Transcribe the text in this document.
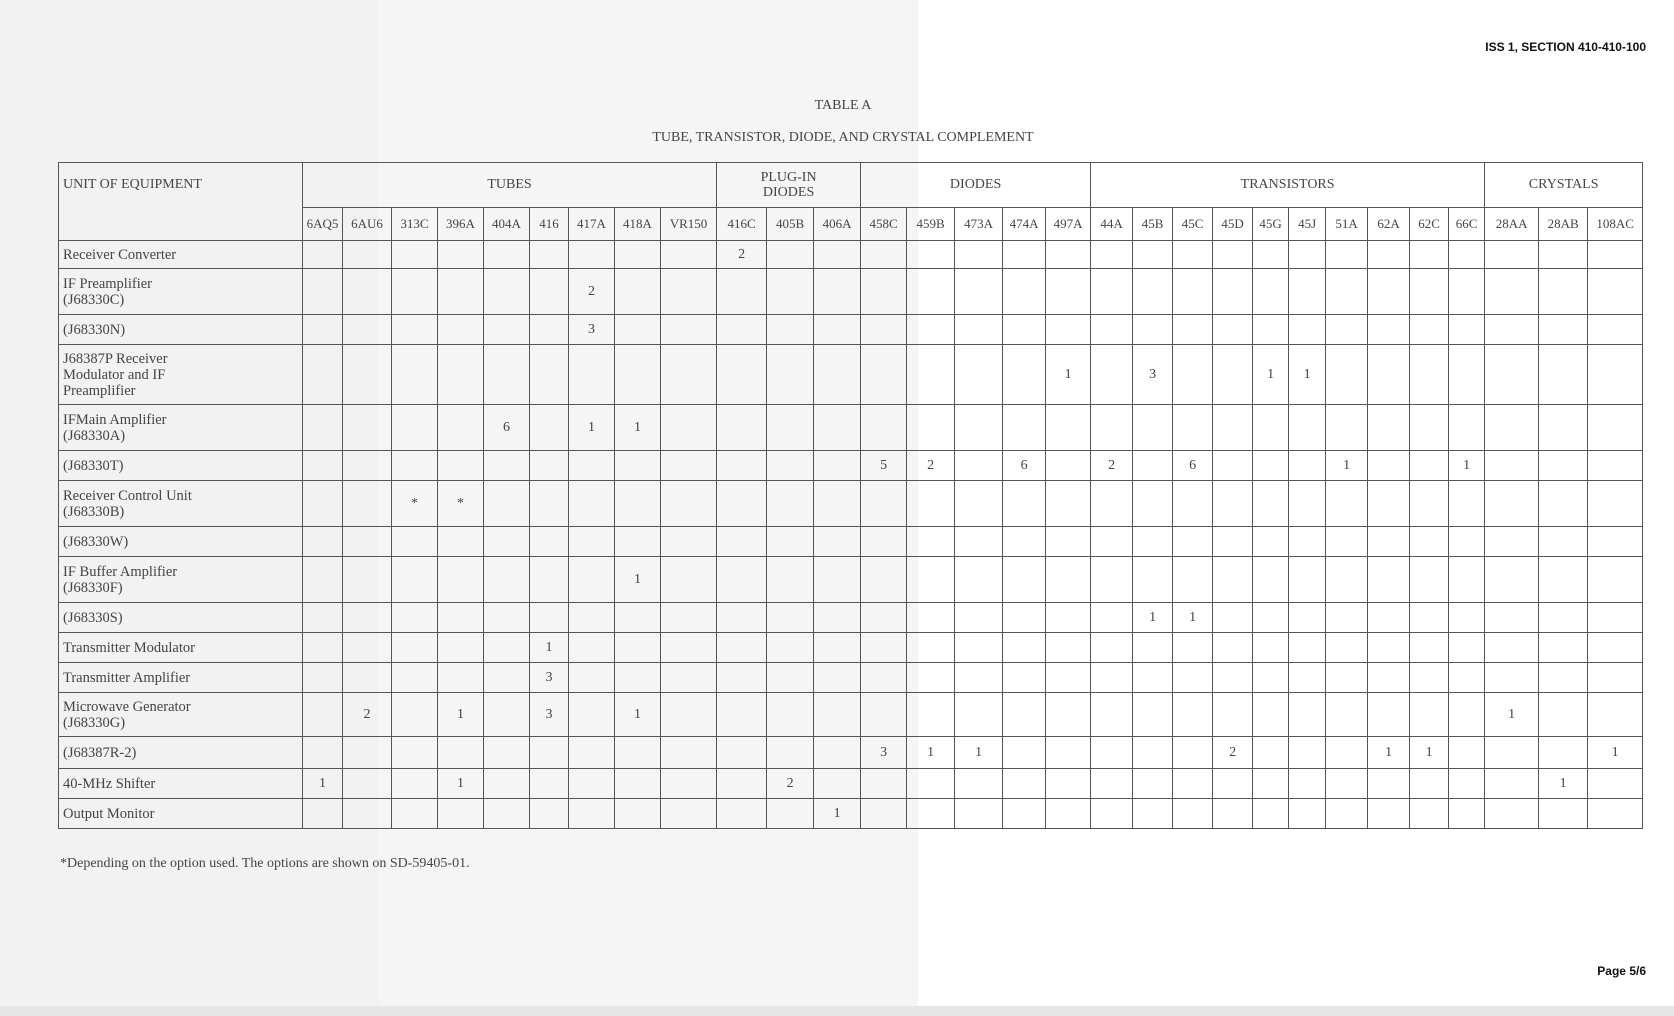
ISS 1, SECTION 410-410-100
TABLE A
TUBE, TRANSISTOR, DIODE, AND CRYSTAL COMPLEMENT
UNIT OF EQUIPMENT	TUBES									PLUG-IN DIODES			DIODES					TRANSISTORS										CRYSTALS		
	6AQ5	6AU6	313C	396A	404A	416	417A	418A	VR150	416C	405B	406A	458C	459B	473A	474A	497A	44A	45B	45C	45D	45G	45J	51A	62A	62C	66C	28AA	28AB	108AC
Receiver Converter										2																				
IF Preamplifier
(J68330C)							2																							
(J68330N)							3																							
J68387P Receiver
Modulator and IF
Preamplifier																	1		3			1	1							
IFMain Amplifier
(J68330A)					6		1	1																						
(J68330T)													5	2		6		2		6				1			1			
Receiver Control Unit
(J68330B)			*	*																										
(J68330W)																														
IF Buffer Amplifier
(J68330F)								1																						
(J68330S)																			1	1										
Transmitter Modulator						1																								
Transmitter Amplifier						3																								
Microwave Generator
(J68330G)		2		1		3		1																				1		
(J68387R-2)													3	1	1						2				1	1				1
40-MHz Shifter	1			1							2																		1	
Output Monitor												1																		
*Depending on the option used. The options are shown on SD-59405-01.
Page 5/6
